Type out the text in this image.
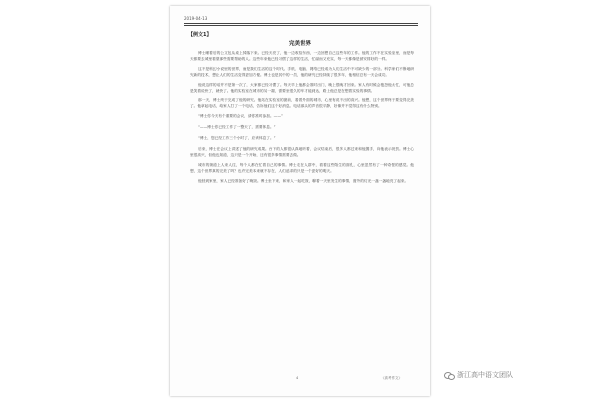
2019-04-13
【例文1】
完美世界

博士睡着后的公文包从桌上掉落下来。已经天亮了，他一边收拾东西，一边回想自己这些年的工作。他的工作不在实验室里，而是每天都要去城里看望那些需要帮助的人。这些年来他已经习惯了这样的生活，忙碌而又充实，每一天都像是被安排好的一样。

这不是科幻小说里的世界，而是我们生活的这个时代。手机、电脑、网络已经成为人们生活中不可缺少的一部分。科学家们不断地研究新的技术，想让人们的生活变得更加方便。博士也是其中的一员，他的研究已经持续了很多年，他相信总有一天会成功。

他说这样的话并不是第一次了，大家都已经习惯了。每天早上他都会准时出门，晚上很晚才回来。家人有时候会抱怨他太忙，可他总是笑着说快了，就快了。他的实验室在城市的另一端，需要坐很久的车才能到达，路上他总是在想着实验的事情。

那一天，博士终于完成了他的研究。他站在实验室的窗前，看着外面的城市，心里有说不出的高兴。他想，这个世界终于要变得完美了。他拿起电话，给家人打了一个电话，告诉他们这个好消息。电话那头的声音很平静，好像并不觉得这有什么特别。

“博士你今天有个重要的会议，请你准时参加。——”
“——博士你已经工作了一整天了，需要休息。”
“博士，您已经工作三个小时了，应该休息了。”

后来，博士在会议上讲述了他的研究成果。台下的人都很认真地听着，会议结束后，很多人都过来和他握手，向他表示祝贺。博士心里很高兴，但他也知道，这只是一个开始，还有很多事情需要去做。

城市的街道上人来人往，每个人都在忙着自己的事情。博士走在人群中，看着这些陌生的面孔，心里忽然有了一种奇怪的感觉。他想，这个世界真的完美了吗？也许完美本来就不存在，人们追求的只是一个更好的明天。

他回到家里，家人已经准备好了晚饭。博士坐下来，和家人一起吃饭，聊着一天里发生的事情，窗外的灯光一盏一盏地亮了起来。

4	《高考作文》	浙江高中语文团队
